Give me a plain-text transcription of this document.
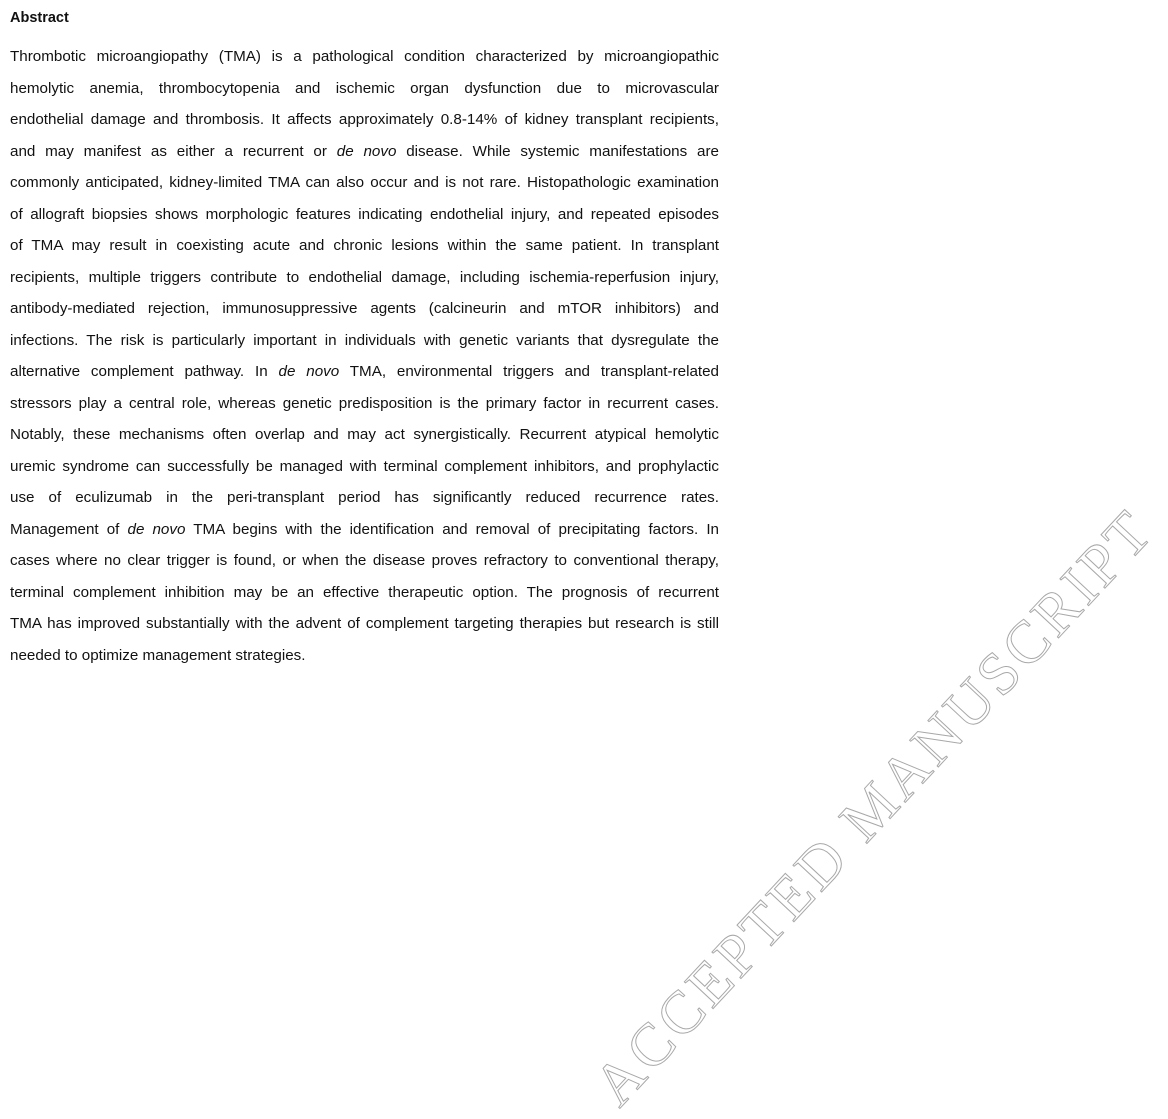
Abstract
Thrombotic microangiopathy (TMA) is a pathological condition characterized by microangiopathic
hemolytic anemia, thrombocytopenia and ischemic organ dysfunction due to microvascular
endothelial damage and thrombosis. It affects approximately 0.8-14% of kidney transplant recipients,
and may manifest as either a recurrent or de novo disease. While systemic manifestations are
commonly anticipated, kidney-limited TMA can also occur and is not rare. Histopathologic examination
of allograft biopsies shows morphologic features indicating endothelial injury, and repeated episodes
of TMA may result in coexisting acute and chronic lesions within the same patient. In transplant
recipients, multiple triggers contribute to endothelial damage, including ischemia-reperfusion injury,
antibody-mediated rejection, immunosuppressive agents (calcineurin and mTOR inhibitors) and
infections. The risk is particularly important in individuals with genetic variants that dysregulate the
alternative complement pathway. In de novo TMA, environmental triggers and transplant-related
stressors play a central role, whereas genetic predisposition is the primary factor in recurrent cases.
Notably, these mechanisms often overlap and may act synergistically. Recurrent atypical hemolytic
uremic syndrome can successfully be managed with terminal complement inhibitors, and prophylactic
use of eculizumab in the peri-transplant period has significantly reduced recurrence rates.
Management of de novo TMA begins with the identification and removal of precipitating factors. In
cases where no clear trigger is found, or when the disease proves refractory to conventional therapy,
terminal complement inhibition may be an effective therapeutic option. The prognosis of recurrent
TMA has improved substantially with the advent of complement targeting therapies but research is still
needed to optimize management strategies.	ACCEPTED MANUSCRIPT
